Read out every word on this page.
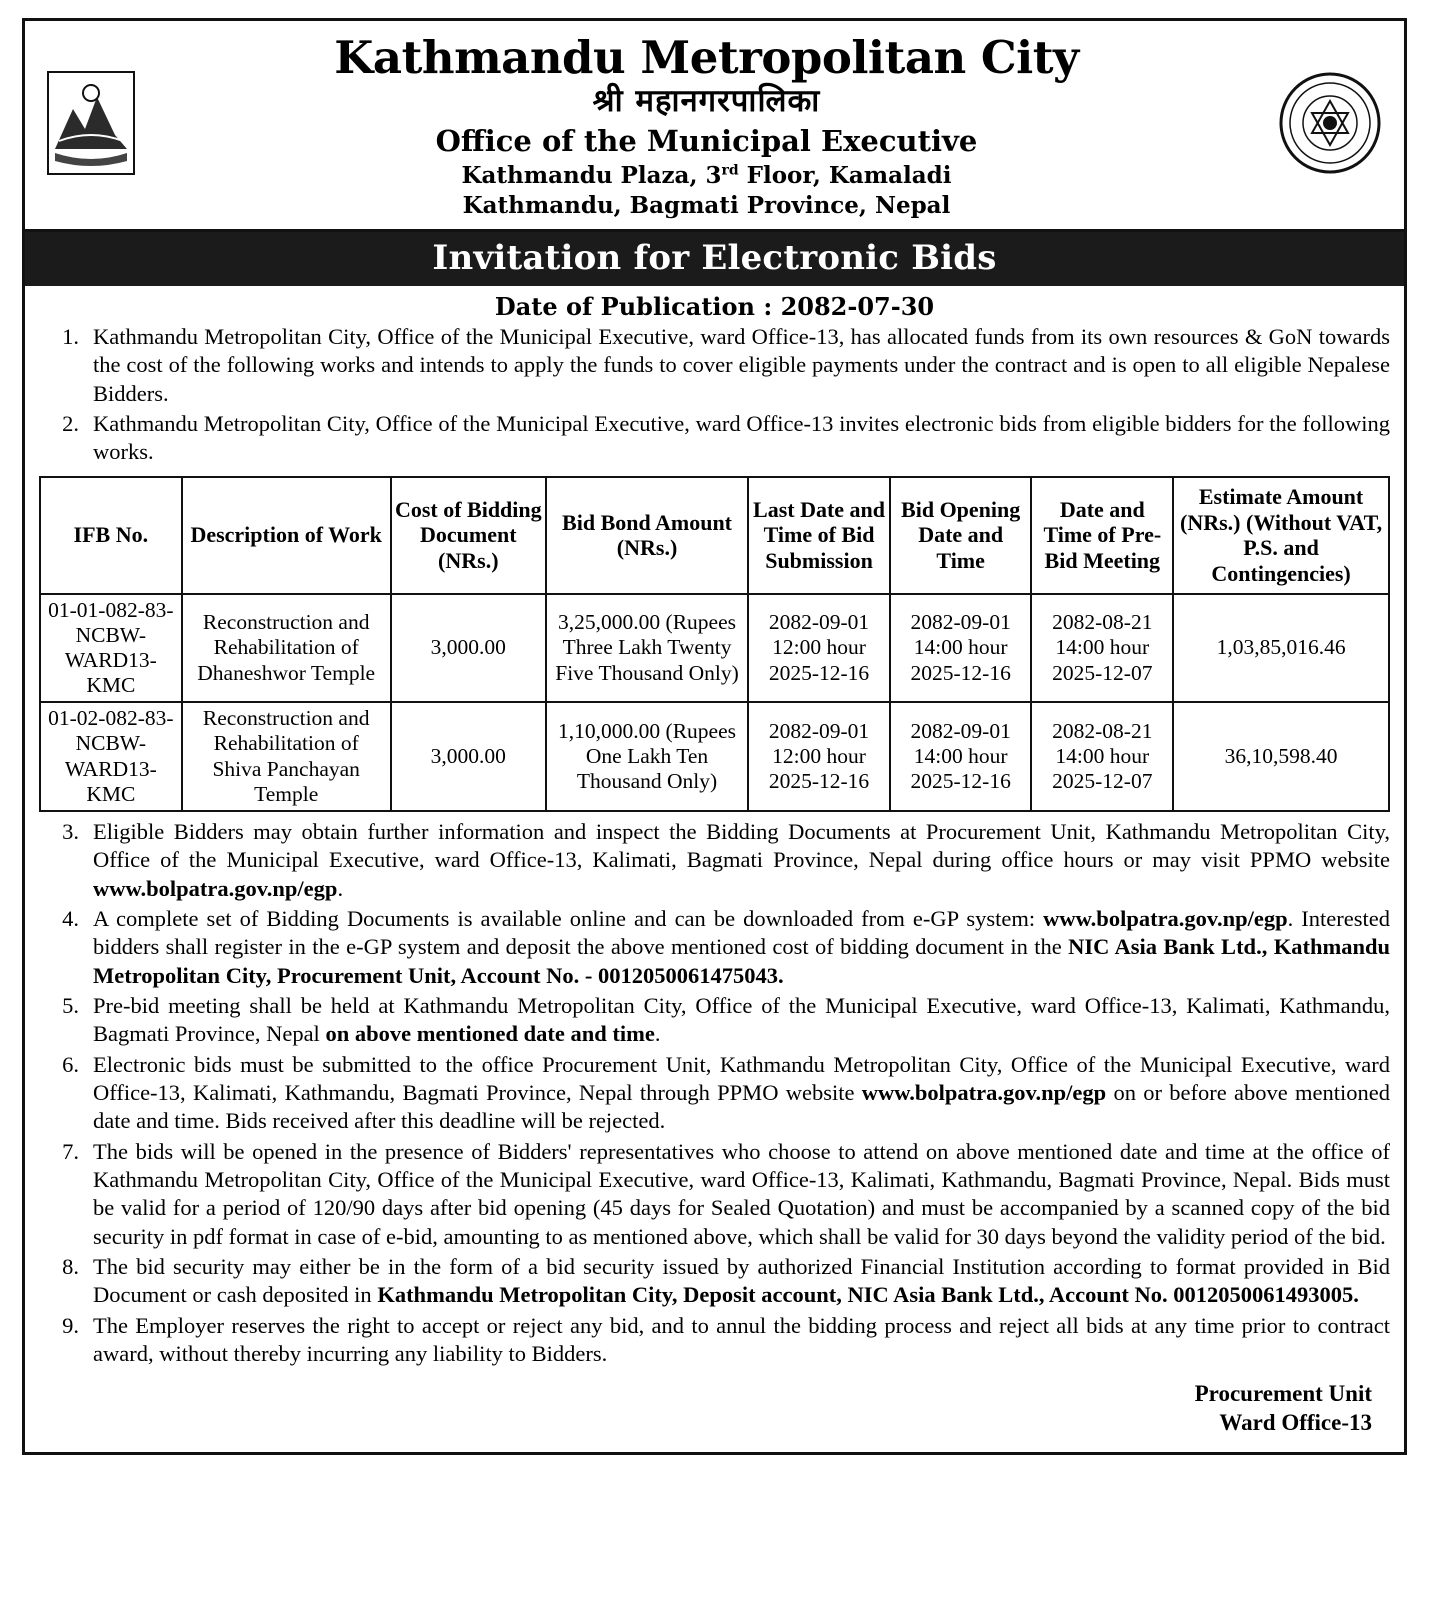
Kathmandu Metropolitan City
श्री महानगरपालिका
Office of the Municipal Executive
Kathmandu Plaza, 3rd Floor, Kamaladi
Kathmandu, Bagmati Province, Nepal
Invitation for Electronic Bids
Date of Publication : 2082-07-30
1. Kathmandu Metropolitan City, Office of the Municipal Executive, ward Office-13, has allocated funds from its own resources & GoN towards the cost of the following works and intends to apply the funds to cover eligible payments under the contract and is open to all eligible Nepalese Bidders.
2. Kathmandu Metropolitan City, Office of the Municipal Executive, ward Office-13 invites electronic bids from eligible bidders for the following works.
IFB No.	Description of Work	Cost of Bidding Document (NRs.)	Bid Bond Amount (NRs.)	Last Date and Time of Bid Submission	Bid Opening Date and Time	Date and Time of Pre-Bid Meeting	Estimate Amount (NRs.) (Without VAT, P.S. and Contingencies)
01-01-082-83-NCBW-WARD13-KMC	Reconstruction and Rehabilitation of Dhaneshwor Temple	3,000.00	3,25,000.00 (Rupees Three Lakh Twenty Five Thousand Only)	2082-09-01 12:00 hour 2025-12-16	2082-09-01 14:00 hour 2025-12-16	2082-08-21 14:00 hour 2025-12-07	1,03,85,016.46
01-02-082-83-NCBW-WARD13-KMC	Reconstruction and Rehabilitation of Shiva Panchayan Temple	3,000.00	1,10,000.00 (Rupees One Lakh Ten Thousand Only)	2082-09-01 12:00 hour 2025-12-16	2082-09-01 14:00 hour 2025-12-16	2082-08-21 14:00 hour 2025-12-07	36,10,598.40
3. Eligible Bidders may obtain further information and inspect the Bidding Documents at Procurement Unit, Kathmandu Metropolitan City, Office of the Municipal Executive, ward Office-13, Kalimati, Bagmati Province, Nepal during office hours or may visit PPMO website www.bolpatra.gov.np/egp.
4. A complete set of Bidding Documents is available online and can be downloaded from e-GP system: www.bolpatra.gov.np/egp. Interested bidders shall register in the e-GP system and deposit the above mentioned cost of bidding document in the NIC Asia Bank Ltd., Kathmandu Metropolitan City, Procurement Unit, Account No. - 0012050061475043.
5. Pre-bid meeting shall be held at Kathmandu Metropolitan City, Office of the Municipal Executive, ward Office-13, Kalimati, Kathmandu, Bagmati Province, Nepal on above mentioned date and time.
6. Electronic bids must be submitted to the office Procurement Unit, Kathmandu Metropolitan City, Office of the Municipal Executive, ward Office-13, Kalimati, Kathmandu, Bagmati Province, Nepal through PPMO website www.bolpatra.gov.np/egp on or before above mentioned date and time. Bids received after this deadline will be rejected.
7. The bids will be opened in the presence of Bidders' representatives who choose to attend on above mentioned date and time at the office of Kathmandu Metropolitan City, Office of the Municipal Executive, ward Office-13, Kalimati, Kathmandu, Bagmati Province, Nepal. Bids must be valid for a period of 120/90 days after bid opening (45 days for Sealed Quotation) and must be accompanied by a scanned copy of the bid security in pdf format in case of e-bid, amounting to as mentioned above, which shall be valid for 30 days beyond the validity period of the bid.
8. The bid security may either be in the form of a bid security issued by authorized Financial Institution according to format provided in Bid Document or cash deposited in Kathmandu Metropolitan City, Deposit account, NIC Asia Bank Ltd., Account No. 0012050061493005.
9. The Employer reserves the right to accept or reject any bid, and to annul the bidding process and reject all bids at any time prior to contract award, without thereby incurring any liability to Bidders.
Procurement Unit
Ward Office-13
